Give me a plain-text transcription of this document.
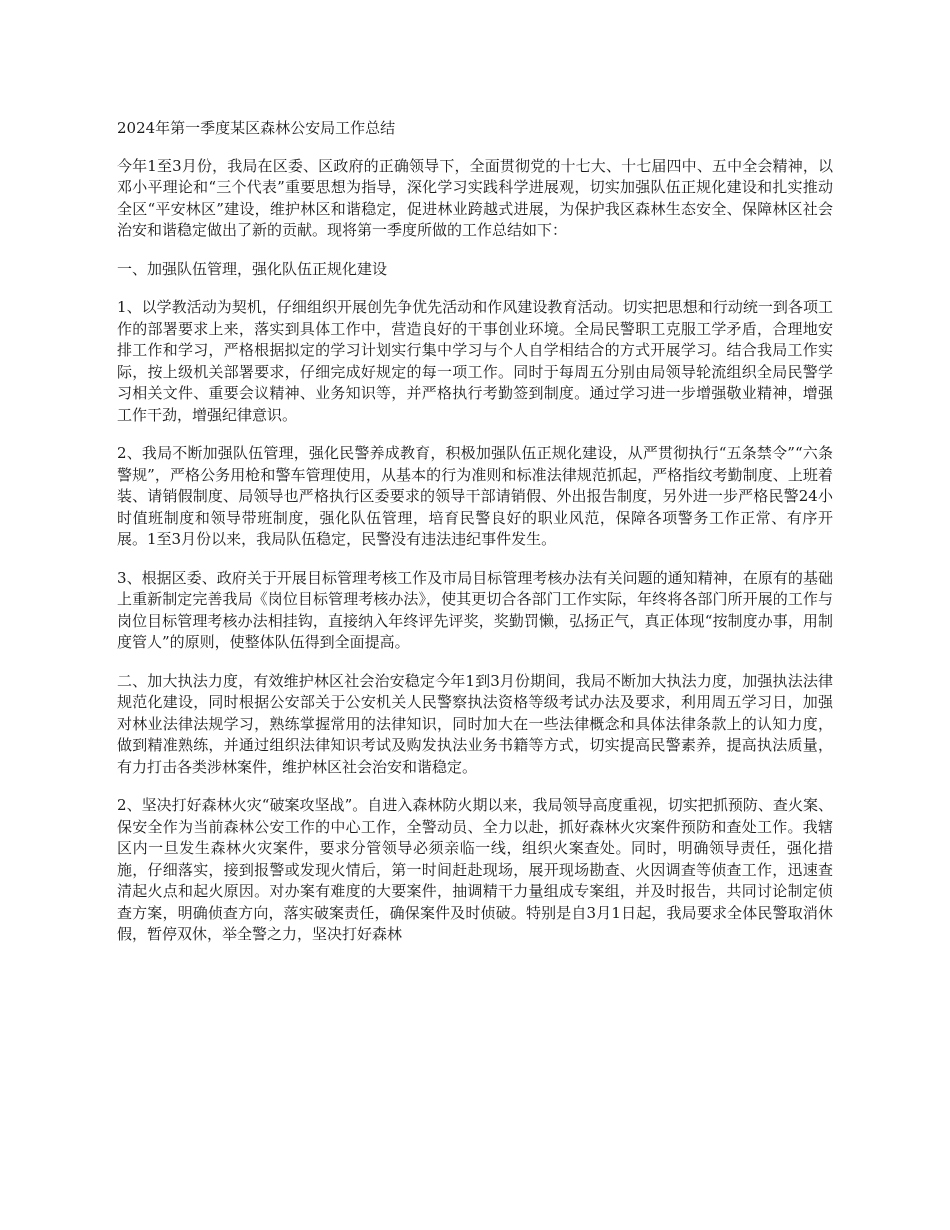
2024年第一季度某区森林公安局工作总结

今年1至3月份，我局在区委、区政府的正确领导下，全面贯彻党的十七大、十七届四中、五中全会精神，以邓小平理论和“三个代表”重要思想为指导，深化学习实践科学进展观，切实加强队伍正规化建设和扎实推动全区“平安林区”建设，维护林区和谐稳定，促进林业跨越式进展，为保护我区森林生态安全、保障林区社会治安和谐稳定做出了新的贡献。现将第一季度所做的工作总结如下：

一、加强队伍管理，强化队伍正规化建设

1、以学教活动为契机，仔细组织开展创先争优先活动和作风建设教育活动。切实把思想和行动统一到各项工作的部署要求上来，落实到具体工作中，营造良好的干事创业环境。全局民警职工克服工学矛盾，合理地安排工作和学习，严格根据拟定的学习计划实行集中学习与个人自学相结合的方式开展学习。结合我局工作实际，按上级机关部署要求，仔细完成好规定的每一项工作。同时于每周五分别由局领导轮流组织全局民警学习相关文件、重要会议精神、业务知识等，并严格执行考勤签到制度。通过学习进一步增强敬业精神，增强工作干劲，增强纪律意识。

2、我局不断加强队伍管理，强化民警养成教育，积极加强队伍正规化建设，从严贯彻执行“五条禁令”“六条警规”，严格公务用枪和警车管理使用，从基本的行为准则和标准法律规范抓起，严格指纹考勤制度、上班着装、请销假制度、局领导也严格执行区委要求的领导干部请销假、外出报告制度，另外进一步严格民警24小时值班制度和领导带班制度，强化队伍管理，培育民警良好的职业风范，保障各项警务工作正常、有序开展。1至3月份以来，我局队伍稳定，民警没有违法违纪事件发生。

3、根据区委、政府关于开展目标管理考核工作及市局目标管理考核办法有关问题的通知精神，在原有的基础上重新制定完善我局《岗位目标管理考核办法》，使其更切合各部门工作实际，年终将各部门所开展的工作与岗位目标管理考核办法相挂钩，直接纳入年终评先评奖，奖勤罚懒，弘扬正气，真正体现“按制度办事，用制度管人”的原则，使整体队伍得到全面提高。

二、加大执法力度，有效维护林区社会治安稳定今年1到3月份期间，我局不断加大执法力度，加强执法法律规范化建设，同时根据公安部关于公安机关人民警察执法资格等级考试办法及要求，利用周五学习日，加强对林业法律法规学习，熟练掌握常用的法律知识，同时加大在一些法律概念和具体法律条款上的认知力度，做到精准熟练，并通过组织法律知识考试及购发执法业务书籍等方式，切实提高民警素养，提高执法质量，有力打击各类涉林案件，维护林区社会治安和谐稳定。

2、坚决打好森林火灾“破案攻坚战”。自进入森林防火期以来，我局领导高度重视，切实把抓预防、查火案、保安全作为当前森林公安工作的中心工作，全警动员、全力以赴，抓好森林火灾案件预防和查处工作。我辖区内一旦发生森林火灾案件，要求分管领导必须亲临一线，组织火案查处。同时，明确领导责任，强化措施，仔细落实，接到报警或发现火情后，第一时间赶赴现场，展开现场勘查、火因调查等侦查工作，迅速查清起火点和起火原因。对办案有难度的大要案件，抽调精干力量组成专案组，并及时报告，共同讨论制定侦查方案，明确侦查方向，落实破案责任，确保案件及时侦破。特别是自3月1日起，我局要求全体民警取消休假，暂停双休，举全警之力，坚决打好森林
